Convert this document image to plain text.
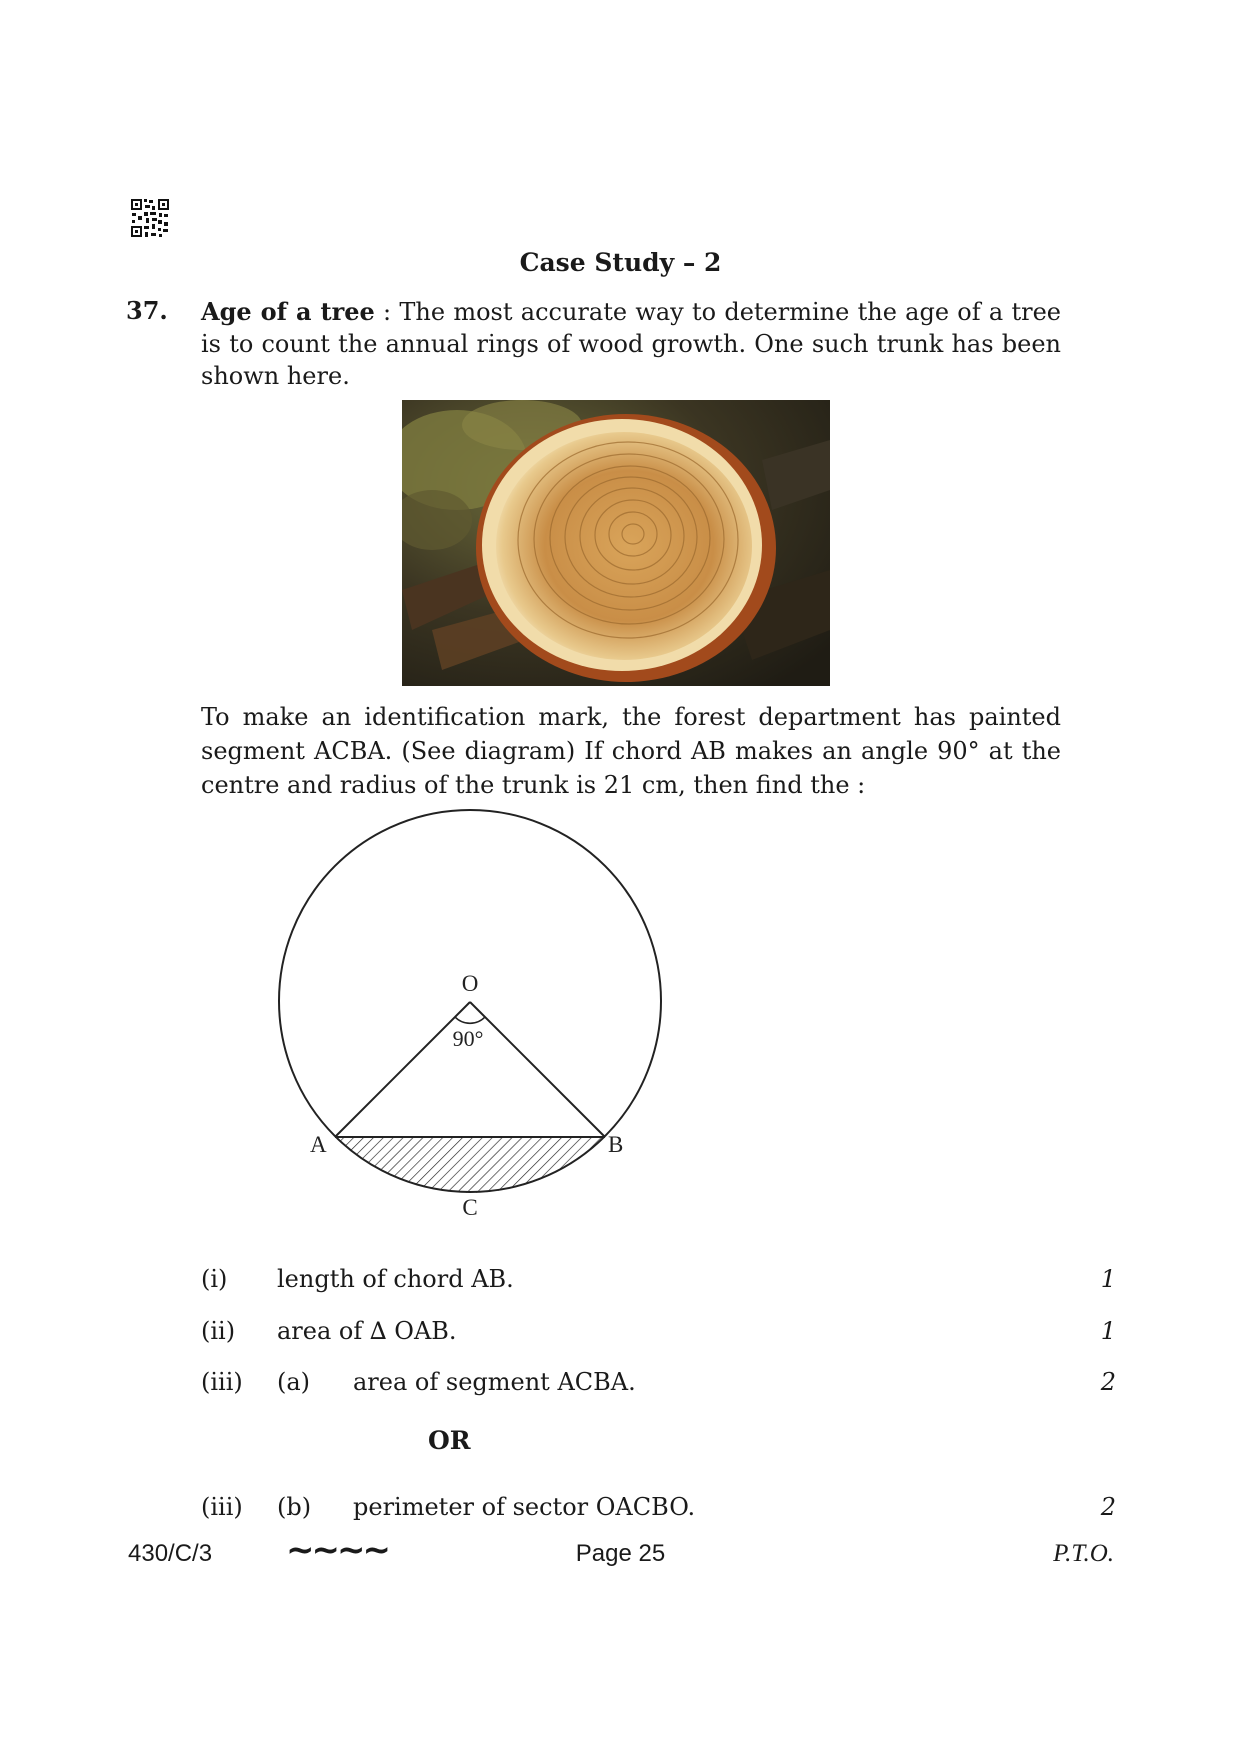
Case Study – 2
37. Age of a tree : The most accurate way to determine the age of a tree is to count the annual rings of wood growth. One such trunk has been shown here.
To make an identification mark, the forest department has painted segment ACBA. (See diagram) If chord AB makes an angle 90° at the centre and radius of the trunk is 21 cm, then find the :
O
90°
A	B
C
(i) length of chord AB.	1
(ii) area of ∆ OAB.	1
(iii) (a) area of segment ACBA.	2
OR
(iii) (b) perimeter of sector OACBO.	2
430/C/3 ~~~~	Page 25	P.T.O.
